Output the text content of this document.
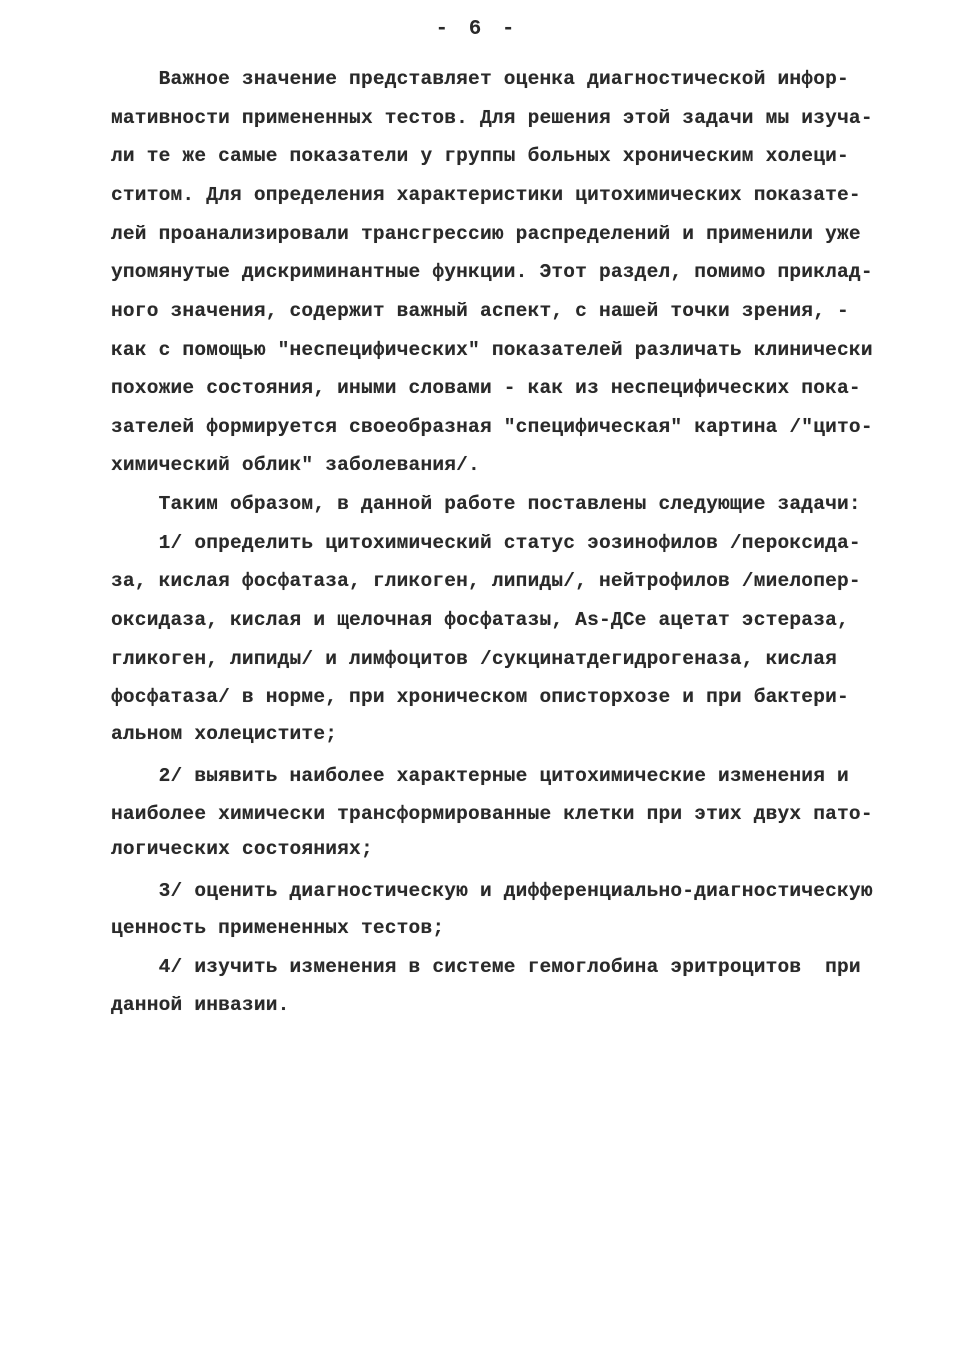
- 6 -
Важное значение представляет оценка диагностической инфор-
мативности примененных тестов. Для решения этой задачи мы изуча-
ли те же самые показатели у группы больных хроническим холеци-
ститом. Для определения характеристики цитохимических показате-
лей проанализировали трансгрессию распределений и применили уже
упомянутые дискриминантные функции. Этот раздел, помимо приклад-
ного значения, содержит важный аспект, с нашей точки зрения, -
как с помощью "неспецифических" показателей различать клинически
похожие состояния, иными словами - как из неспецифических пока-
зателей формируется своеобразная "специфическая" картина /"цито-
химический облик" заболевания/.
Таким образом, в данной работе поставлены следующие задачи:
1/ определить цитохимический статус эозинофилов /пероксида-
за, кислая фосфатаза, гликоген, липиды/, нейтрофилов /миелопер-
оксидаза, кислая и щелочная фосфатазы, As-ДСе ацетат эстераза,
гликоген, липиды/ и лимфоцитов /сукцинатдегидрогеназа, кислая
фосфатаза/ в норме, при хроническом описторхозе и при бактери-
альном холецистите;
2/ выявить наиболее характерные цитохимические изменения и
наиболее химически трансформированные клетки при этих двух пато-
логических состояниях;
3/ оценить диагностическую и дифференциально-диагностическую
ценность примененных тестов;
4/ изучить изменения в системе гемоглобина эритроцитов  при
данной инвазии.
